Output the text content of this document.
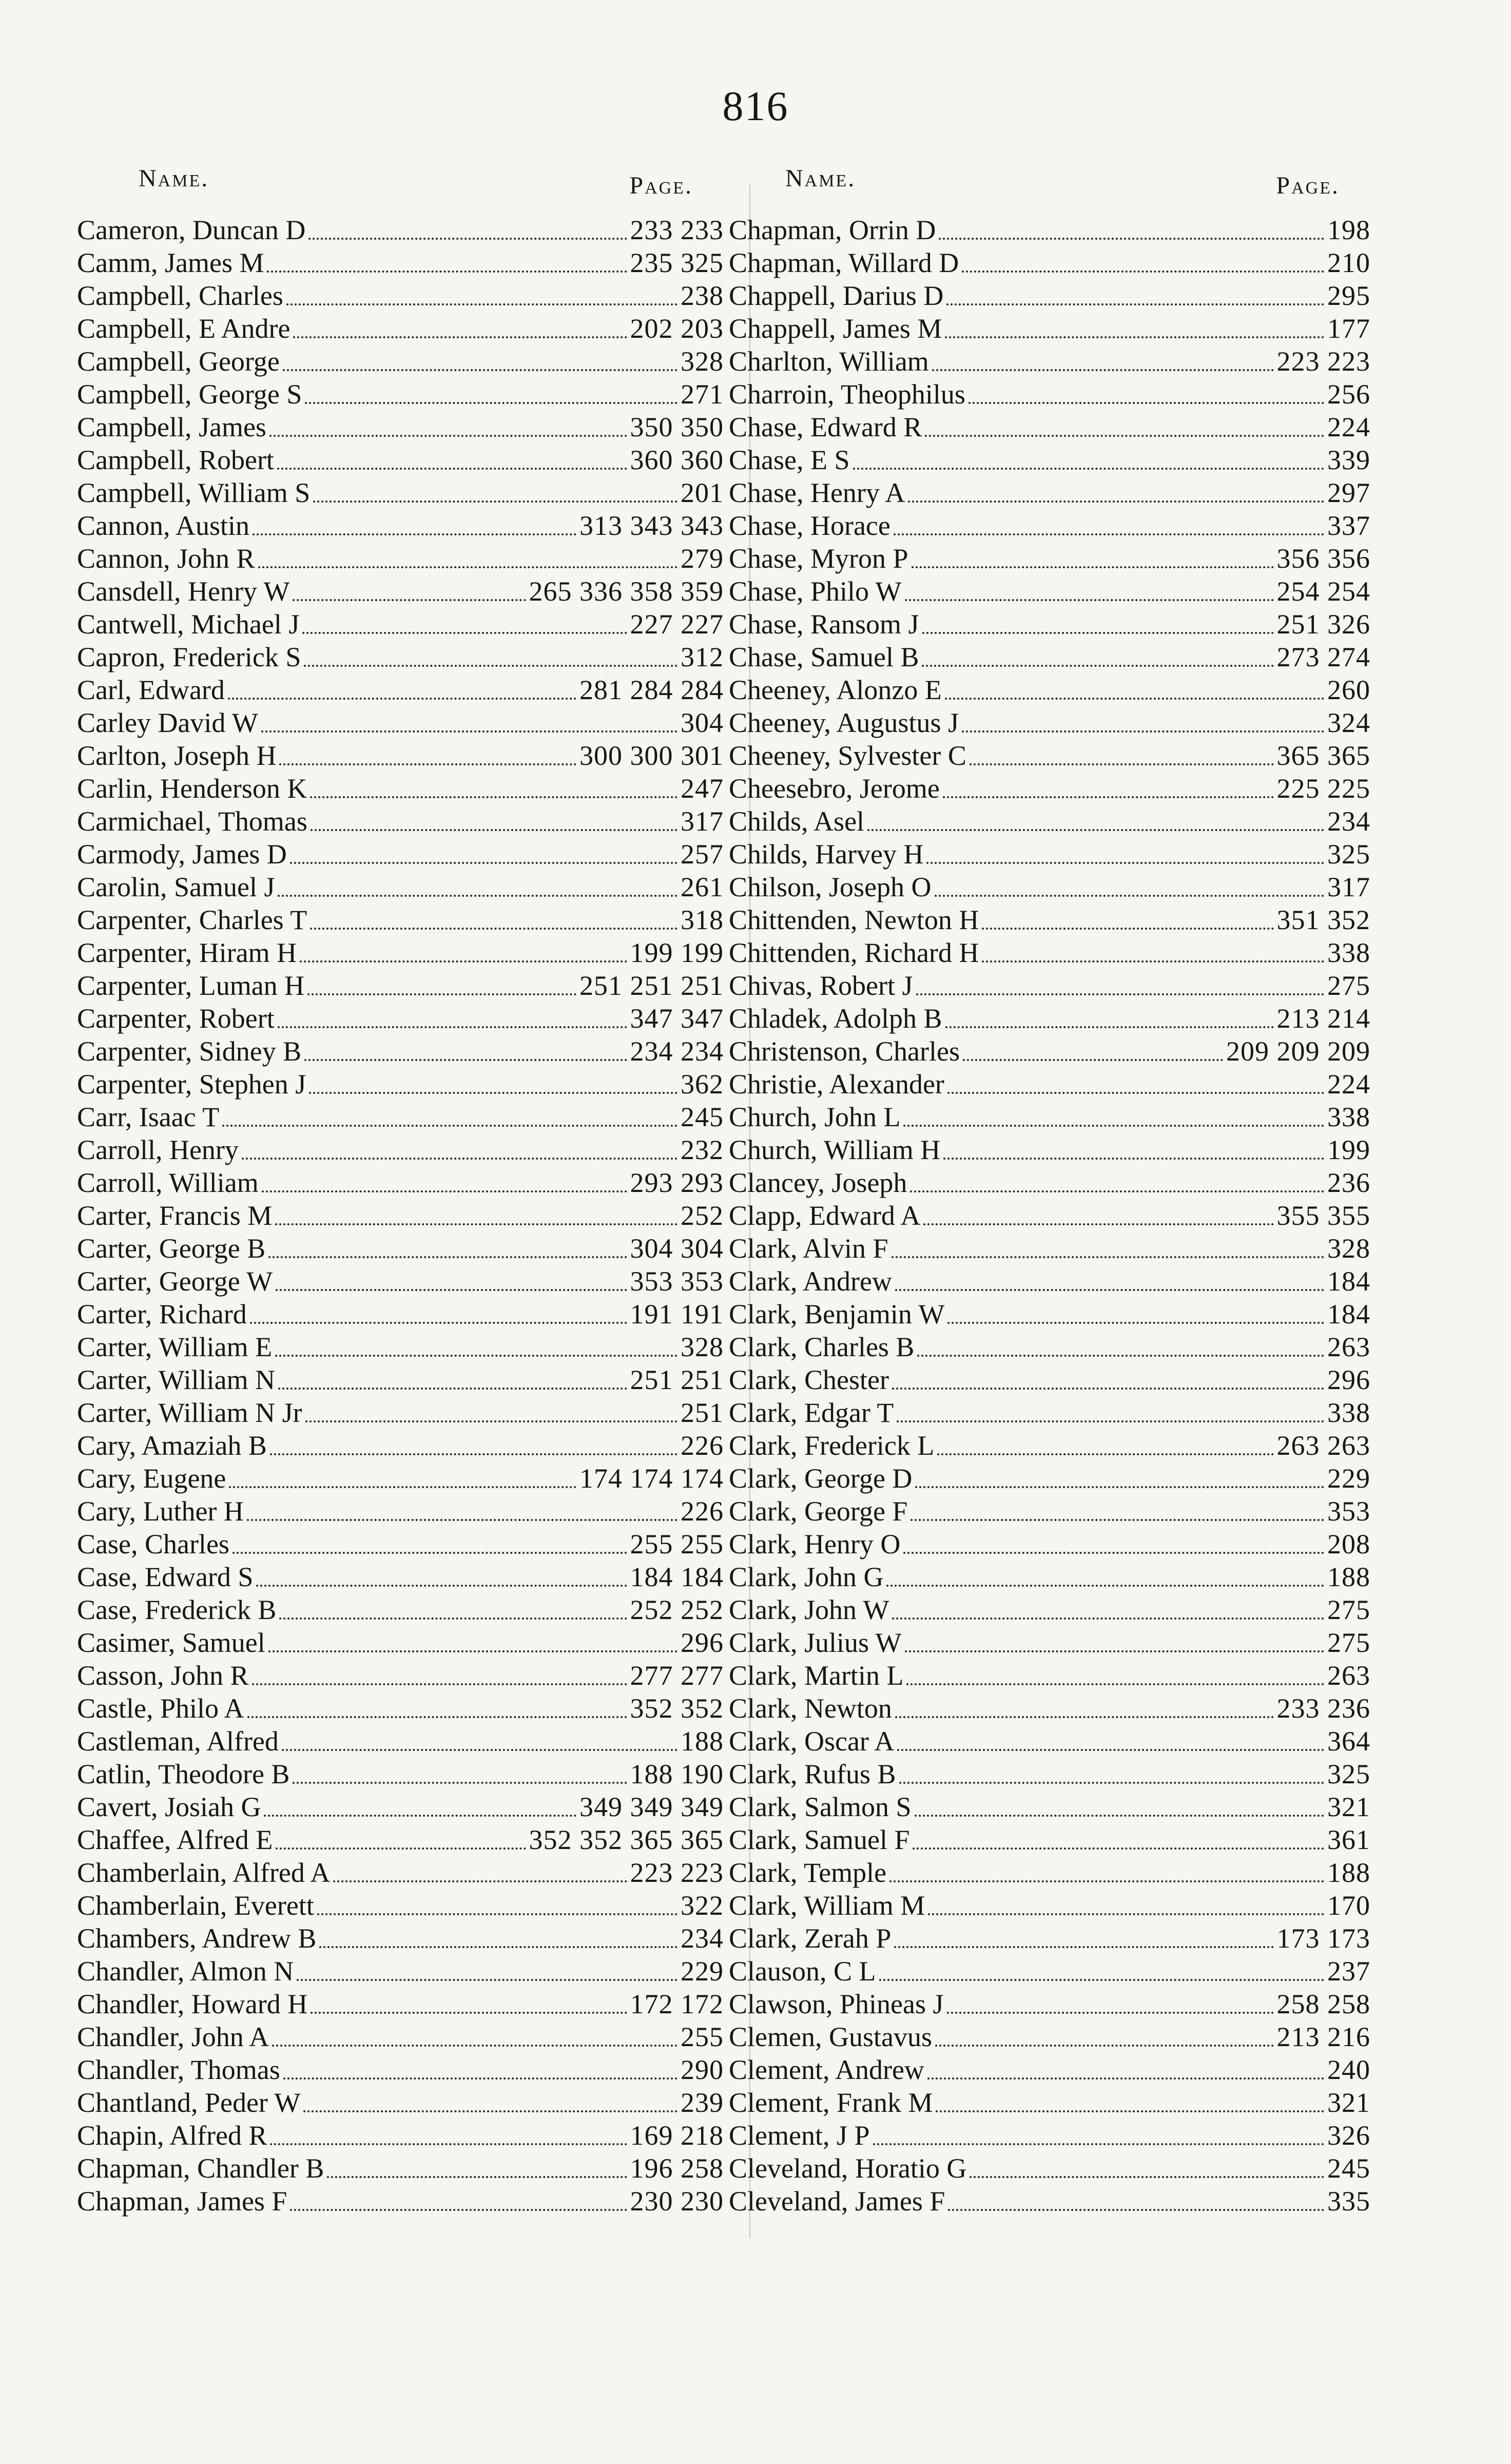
816
Name.	Page.
Cameron, Duncan D	233 233
Camm, James M	235 325
Campbell, Charles	238
Campbell, E Andre	202 203
Campbell, George	328
Campbell, George S	271
Campbell, James	350 350
Campbell, Robert	360 360
Campbell, William S	201
Cannon, Austin	313 343 343
Cannon, John R	279
Cansdell, Henry W	265 336 358 359
Cantwell, Michael J	227 227
Capron, Frederick S	312
Carl, Edward	281 284 284
Carley David W	304
Carlton, Joseph H	300 300 301
Carlin, Henderson K	247
Carmichael, Thomas	317
Carmody, James D	257
Carolin, Samuel J	261
Carpenter, Charles T	318
Carpenter, Hiram H	199 199
Carpenter, Luman H	251 251 251
Carpenter, Robert	347 347
Carpenter, Sidney B	234 234
Carpenter, Stephen J	362
Carr, Isaac T	245
Carroll, Henry	232
Carroll, William	293 293
Carter, Francis M	252
Carter, George B	304 304
Carter, George W	353 353
Carter, Richard	191 191
Carter, William E	328
Carter, William N	251 251
Carter, William N Jr	251
Cary, Amaziah B	226
Cary, Eugene	174 174 174
Cary, Luther H	226
Case, Charles	255 255
Case, Edward S	184 184
Case, Frederick B	252 252
Casimer, Samuel	296
Casson, John R	277 277
Castle, Philo A	352 352
Castleman, Alfred	188
Catlin, Theodore B	188 190
Cavert, Josiah G	349 349 349
Chaffee, Alfred E	352 352 365 365
Chamberlain, Alfred A	223 223
Chamberlain, Everett	322
Chambers, Andrew B	234
Chandler, Almon N	229
Chandler, Howard H	172 172
Chandler, John A	255
Chandler, Thomas	290
Chantland, Peder W	239
Chapin, Alfred R	169 218
Chapman, Chandler B	196 258
Chapman, James F	230 230
Name.	Page.
Chapman, Orrin D	198
Chapman, Willard D	210
Chappell, Darius D	295
Chappell, James M	177
Charlton, William	223 223
Charroin, Theophilus	256
Chase, Edward R	224
Chase, E S	339
Chase, Henry A	297
Chase, Horace	337
Chase, Myron P	356 356
Chase, Philo W	254 254
Chase, Ransom J	251 326
Chase, Samuel B	273 274
Cheeney, Alonzo E	260
Cheeney, Augustus J	324
Cheeney, Sylvester C	365 365
Cheesebro, Jerome	225 225
Childs, Asel	234
Childs, Harvey H	325
Chilson, Joseph O	317
Chittenden, Newton H	351 352
Chittenden, Richard H	338
Chivas, Robert J	275
Chladek, Adolph B	213 214
Christenson, Charles	209 209 209
Christie, Alexander	224
Church, John L	338
Church, William H	199
Clancey, Joseph	236
Clapp, Edward A	355 355
Clark, Alvin F	328
Clark, Andrew	184
Clark, Benjamin W	184
Clark, Charles B	263
Clark, Chester	296
Clark, Edgar T	338
Clark, Frederick L	263 263
Clark, George D	229
Clark, George F	353
Clark, Henry O	208
Clark, John G	188
Clark, John W	275
Clark, Julius W	275
Clark, Martin L	263
Clark, Newton	233 236
Clark, Oscar A	364
Clark, Rufus B	325
Clark, Salmon S	321
Clark, Samuel F	361
Clark, Temple	188
Clark, William M	170
Clark, Zerah P	173 173
Clauson, C L	237
Clawson, Phineas J	258 258
Clemen, Gustavus	213 216
Clement, Andrew	240
Clement, Frank M	321
Clement, J P	326
Cleveland, Horatio G	245
Cleveland, James F	335
